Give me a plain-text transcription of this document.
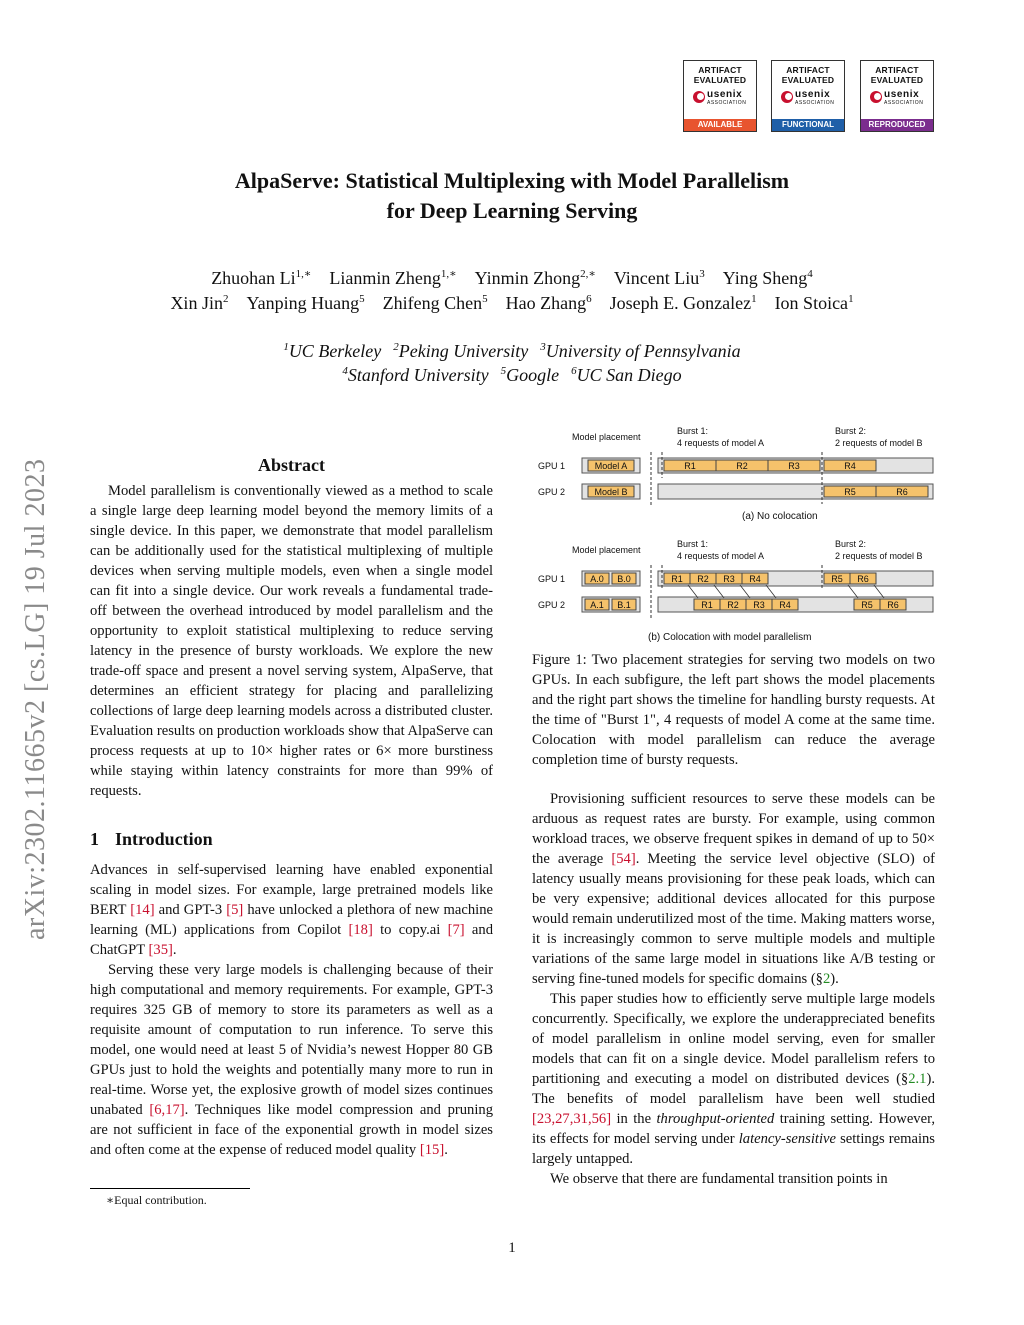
ARTIFACT
EVALUATED
usenix
ASSOCIATION
AVAILABLE
ARTIFACT
EVALUATED
usenix
ASSOCIATION
FUNCTIONAL
ARTIFACT
EVALUATED
usenix
ASSOCIATION
REPRODUCED
AlpaServe: Statistical Multiplexing with Model Parallelism
for Deep Learning Serving
Zhuohan $Li^{1,∗}$ Lianmin Zheng$^{1,∗}$ Yinmin Zhong$^{2,∗}$ Vincent Liu$^3$ Ying Sheng$^4$
Xin Jin$^2$ Yanping Huang$^5$ Zhifeng Chen$^5$ Hao Zhang$^6$ Joseph E. Gonzalez$^1$ Ion Stoica$^1$
$^1$UC Berkeley $^2$Peking University $^3$University of Pennsylvania
$^4$Stanford University $^5$Google $^6$UC San Diego
arXiv:2302.11665v2 [cs.LG] 19 Jul 2023	Abstract

Model parallelism is conventionally viewed as a method to scale a single large deep learning model beyond the memory limits of a single device. In this paper, we demonstrate that model parallelism can be additionally used for the statistical multiplexing of multiple devices when serving multiple models, even when a single model can fit into a single device. Our work reveals a fundamental trade-off between the overhead introduced by model parallelism and the opportunity to exploit statistical multiplexing to reduce serving latency in the presence of bursty workloads. We explore the new trade-off space and present a novel serving system, AlpaServe, that determines an efficient strategy for placing and parallelizing collections of large deep learning models across a distributed cluster. Evaluation results on production workloads show that AlpaServe can process requests at up to 10× higher rates or 6× more burstiness while staying within latency constraints for more than 99% of requests.

1 Introduction

Advances in self-supervised learning have enabled exponential scaling in model sizes. For example, large pretrained models like BERT [14] and GPT-3 [5] have unlocked a plethora of new machine learning (ML) applications from Copilot [18] to copy.ai [7] and ChatGPT [35].

Serving these very large models is challenging because of their high computational and memory requirements. For example, GPT-3 requires 325 GB of memory to store its parameters as well as a requisite amount of computation to run inference. To serve this model, one would need at least 5 of Nvidia’s newest Hopper 80 GB GPUs just to hold the weights and potentially many more to run in real-time. Worse yet, the explosive growth of model sizes continues unabated [6,17]. Techniques like model compression and pruning are not sufficient in face of the exponential growth in model sizes and often come at the expense of reduced model quality [15].

∗Equal contribution.
Model placement
Burst 1:
4 requests of model A
Burst 2:
2 requests of model B
GPU 1
GPU 2
Model A
Model B
R1	R2	R3	R4
R5	R6
(a) No colocation
Model placement
Burst 1:
4 requests of model A
Burst 2:
2 requests of model B
GPU 1
GPU 2
A.0 B.0
A.1 B.1
R1 R2 R3 R4	R5 R6
R1 R2 R3 R4	R5 R6
(b) Colocation with model parallelism

Figure 1: Two placement strategies for serving two models on two GPUs. In each subfigure, the left part shows the model placements and the right part shows the timeline for handling bursty requests. At the time of "Burst 1", 4 requests of model A come at the same time. Colocation with model parallelism can reduce the average completion time of bursty requests.

Provisioning sufficient resources to serve these models can be arduous as request rates are bursty. For example, using common workload traces, we observe frequent spikes in demand of up to 50× the average [54]. Meeting the service level objective (SLO) of latency usually means provisioning for these peak loads, which can be very expensive; additional devices allocated for this purpose would remain underutilized most of the time. Making matters worse, it is increasingly common to serve multiple models and multiple variations of the same large model in situations like A/B testing or serving fine-tuned models for specific domains (§2).

This paper studies how to efficiently serve multiple large models concurrently. Specifically, we explore the underappreciated benefits of model parallelism in online model serving, even for smaller models that can fit on a single device. Model parallelism refers to partitioning and executing a model on distributed devices (§2.1). The benefits of model parallelism have been well studied [23,27,31,56] in the throughput-oriented training setting. However, its effects for model serving under latency-sensitive settings remains largely untapped.

We observe that there are fundamental transition points in

1
